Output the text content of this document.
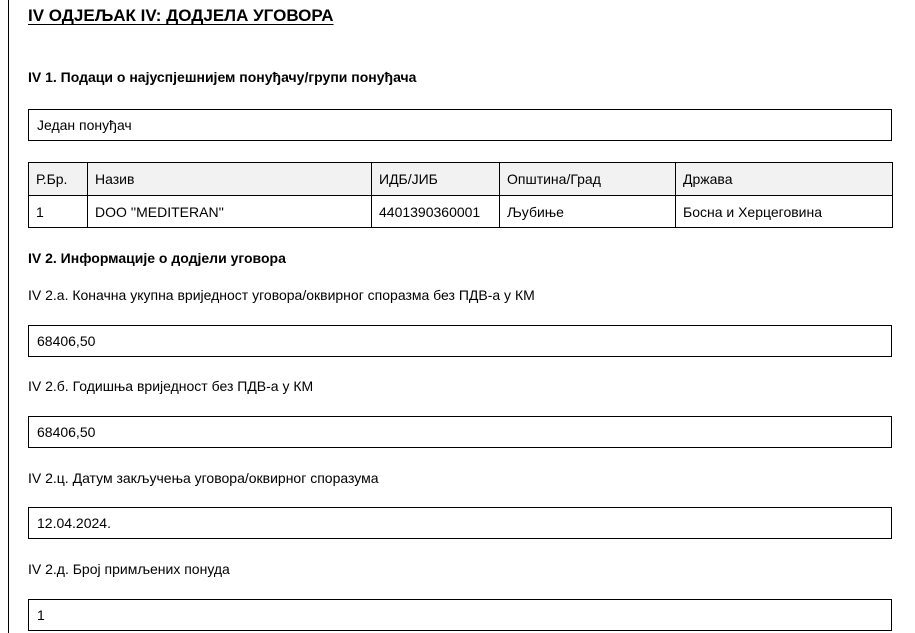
IV ОДЈЕЉАК IV: ДОДЈЕЛА УГОВОРА
IV 1. Подаци о најуспјешнијем понуђачу/групи понуђача
Један понуђач
Р.Бр.	Назив	ИДБ/ЈИБ	Општина/Град	Држава
1	DOO ''MEDITERAN''	4401390360001	Љубиње	Босна и Херцеговина
IV 2. Информације о додјели уговора
IV 2.а. Коначна укупна вриједност уговора/оквирног споразма без ПДВ-а у КМ
68406,50
IV 2.б. Годишња вриједност без ПДВ-а у КМ
68406,50
IV 2.ц. Датум закључења уговора/оквирног споразума
12.04.2024.
IV 2.д. Број примљених понуда
1
